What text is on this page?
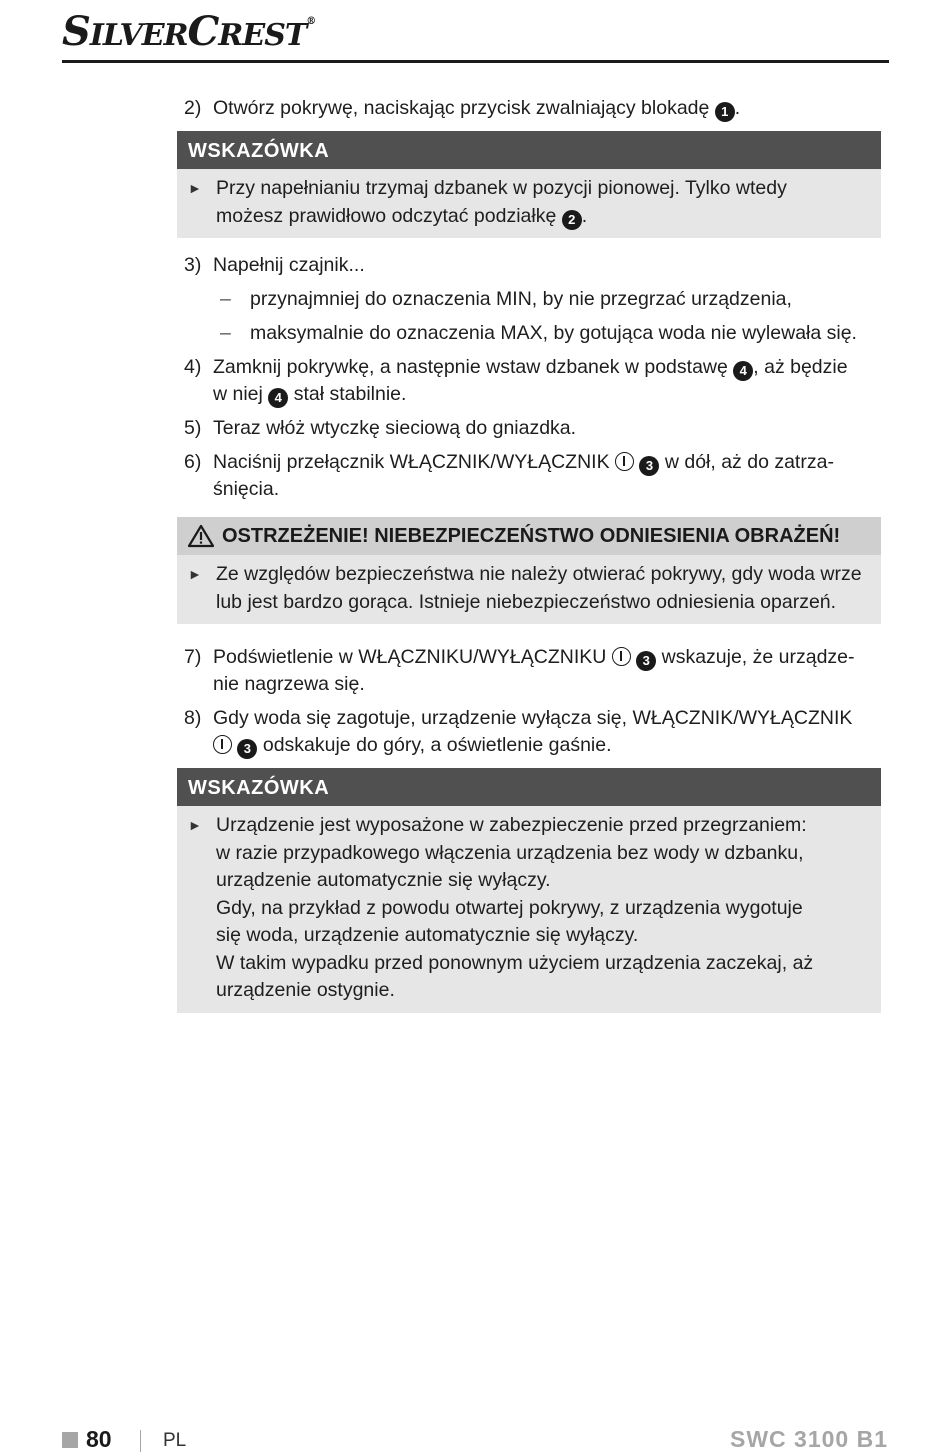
SILVERCREST®
2) Otwórz pokrywę, naciskając przycisk zwalniający blokadę 1 .
WSKAZÓWKA
► Przy napełnianiu trzymaj dzbanek w pozycji pionowej. Tylko wtedy
możesz prawidłowo odczytać podziałkę 2 .
3) Napełnij czajnik...
– przynajmniej do oznaczenia MIN, by nie przegrzać urządzenia,
– maksymalnie do oznaczenia MAX, by gotująca woda nie wylewała się.
4) Zamknij pokrywkę, a następnie wstaw dzbanek w podstawę 4 , aż będzie
w niej 4 stał stabilnie.
5) Teraz włóż wtyczkę sieciową do gniazdka.
6) Naciśnij przełącznik WŁĄCZNIK/WYŁĄCZNIK	3 w dół, aż do zatrza-
śnięcia.
OSTRZEŻENIE! NIEBEZPIECZEŃSTWO ODNIESIENIA OBRAŻEŃ!
► Ze względów bezpieczeństwa nie należy otwierać pokrywy, gdy woda wrze
lub jest bardzo gorąca. Istnieje niebezpieczeństwo odniesienia oparzeń.
7) Podświetlenie w WŁĄCZNIKU/WYŁĄCZNIKU	3 wskazuje, że urządze-
nie nagrzewa się.
8) Gdy woda się zagotuje, urządzenie wyłącza się, WŁĄCZNIK/WYŁĄCZNIK
3 odskakuje do góry, a oświetlenie gaśnie.
WSKAZÓWKA
► Urządzenie jest wyposażone w zabezpieczenie przed przegrzaniem:
w razie przypadkowego włączenia urządzenia bez wody w dzbanku,
urządzenie automatycznie się wyłączy.
Gdy, na przykład z powodu otwartej pokrywy, z urządzenia wygotuje
się woda, urządzenie automatycznie się wyłączy.
W takim wypadku przed ponownym użyciem urządzenia zaczekaj, aż
urządzenie ostygnie.
80	PL	SWC 3100 B1
